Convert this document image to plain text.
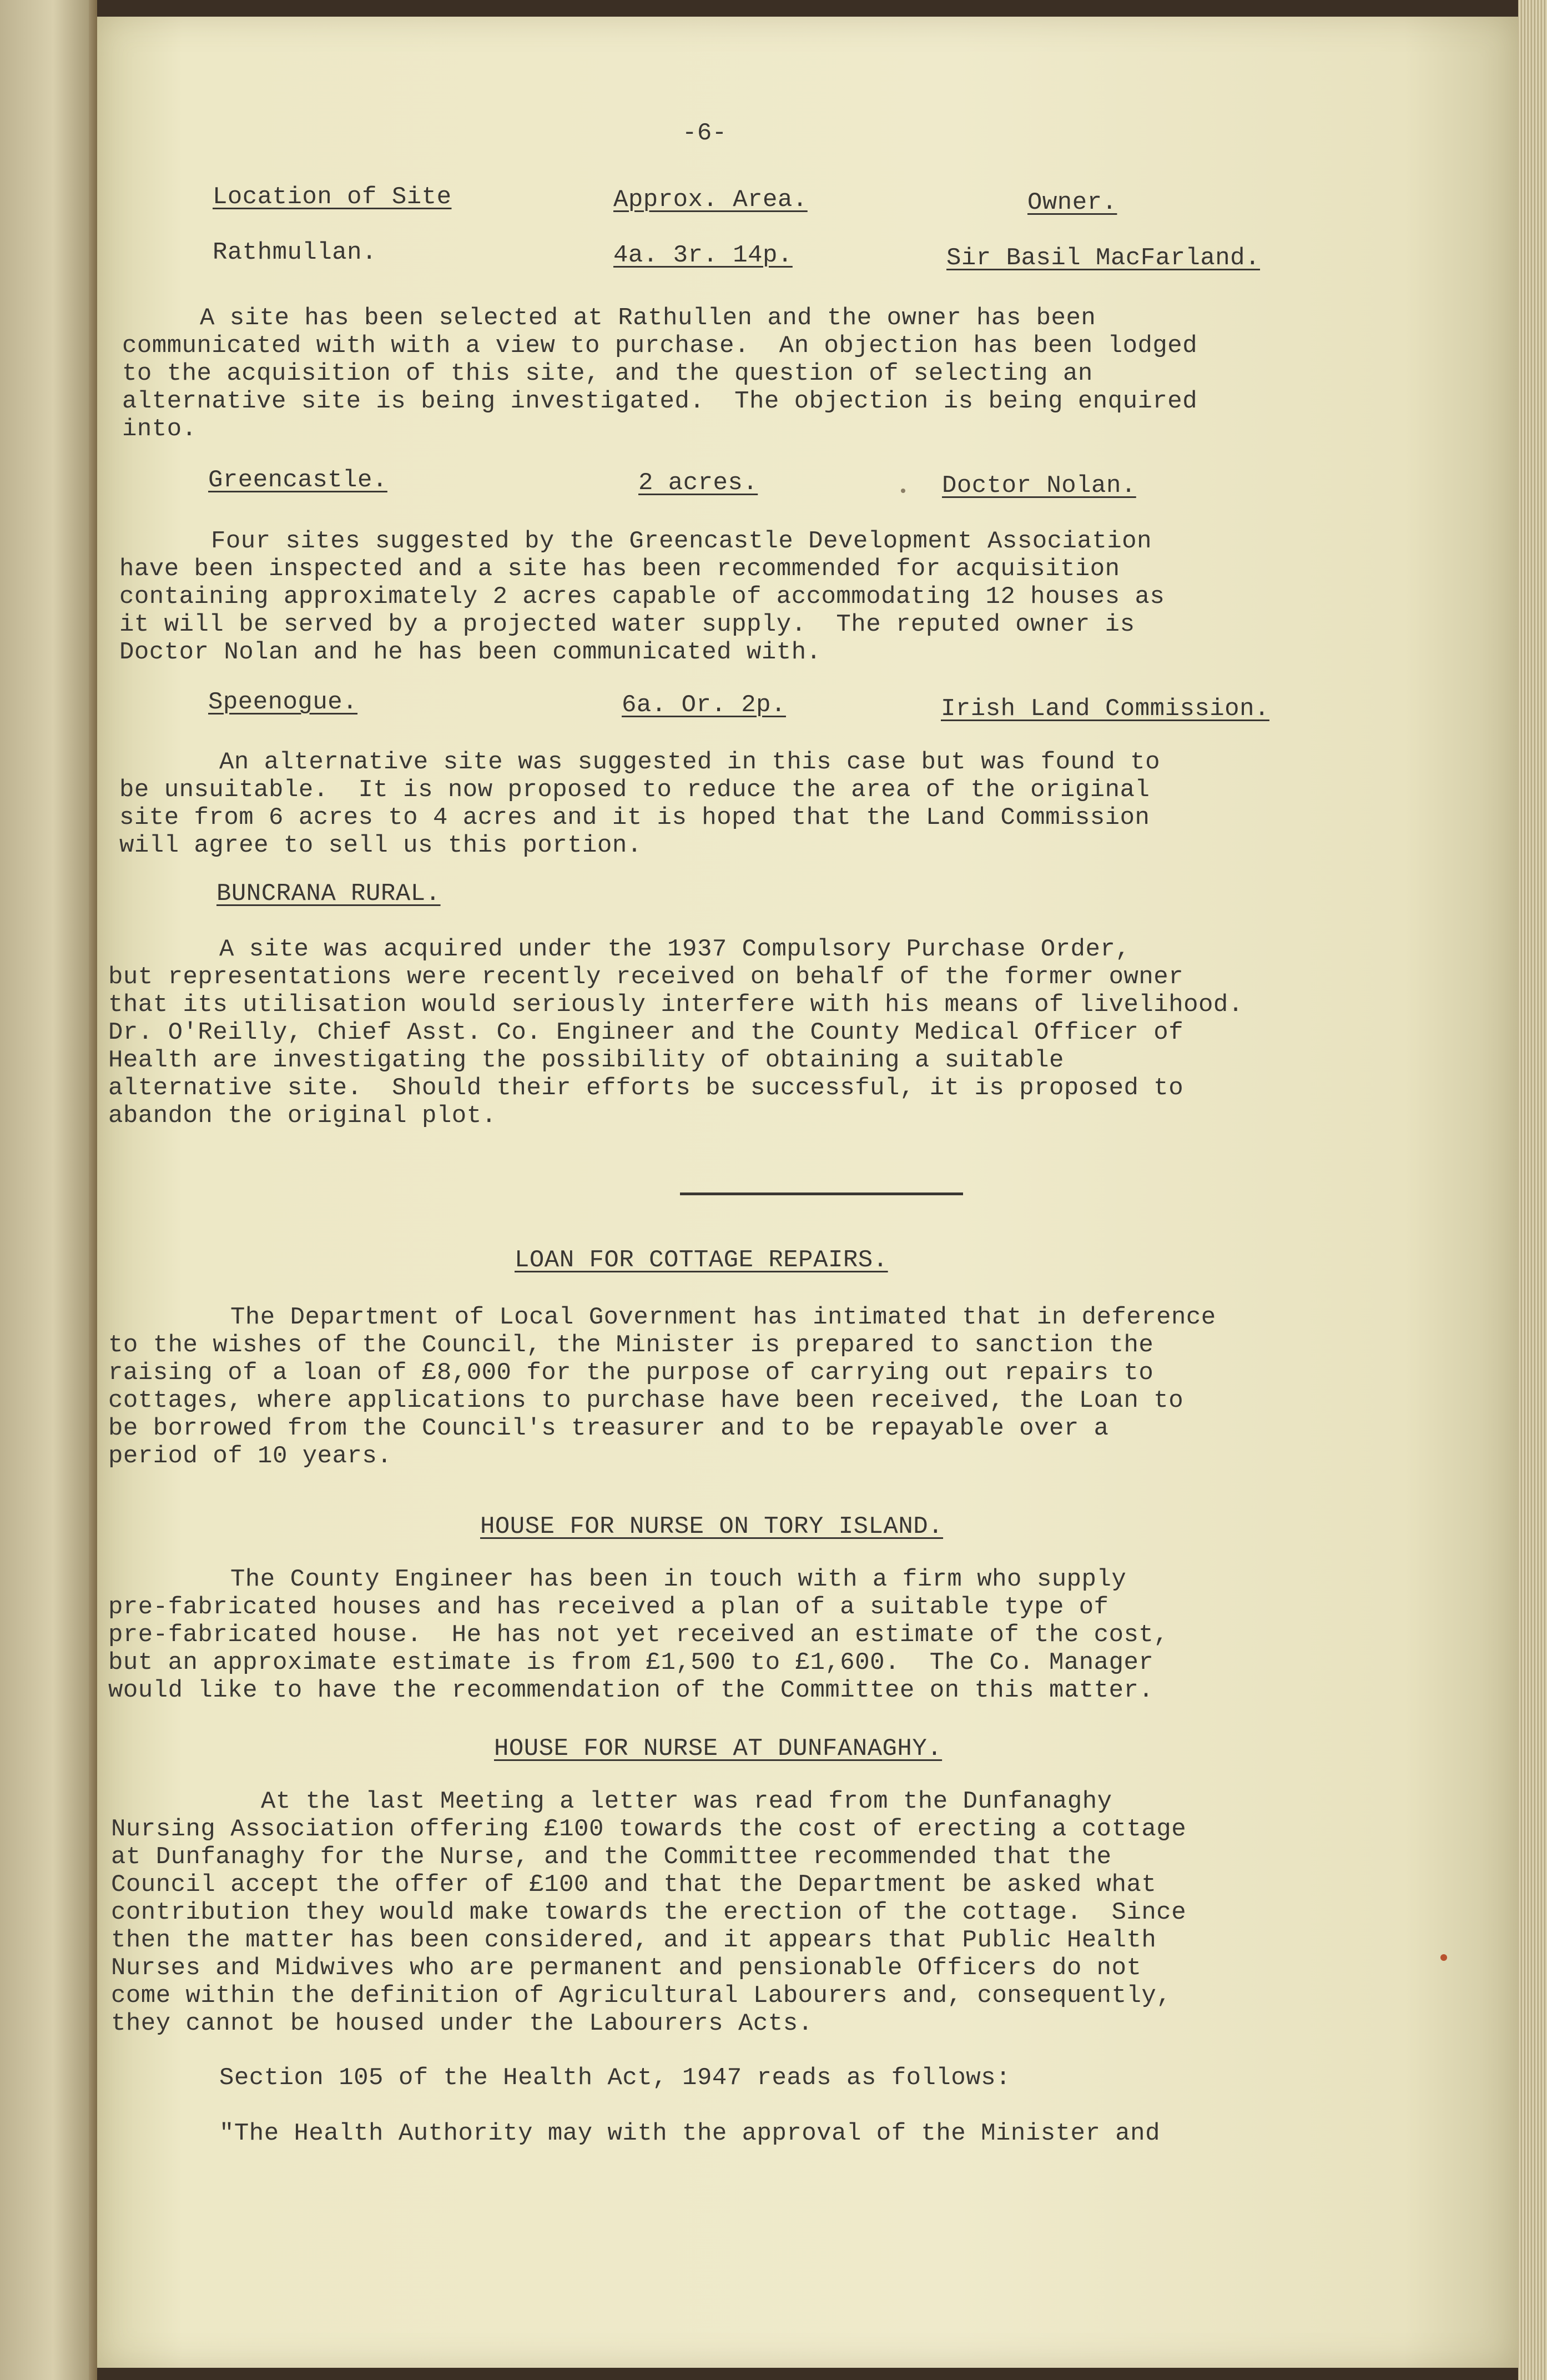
-6-
Location of Site	Approx. Area.	Owner.
Rathmullan.	4a. 3r. 14p.	Sir Basil MacFarland.
A site has been selected at Rathullen and the owner has been
communicated with with a view to purchase.  An objection has been lodged
to the acquisition of this site, and the question of selecting an
alternative site is being investigated.  The objection is being enquired
into.
Greencastle.	2 acres.	Doctor Nolan.
Four sites suggested by the Greencastle Development Association
have been inspected and a site has been recommended for acquisition
containing approximately 2 acres capable of accommodating 12 houses as
it will be served by a projected water supply.  The reputed owner is
Doctor Nolan and he has been communicated with.
Speenogue.	6a. Or. 2p.	Irish Land Commission.
An alternative site was suggested in this case but was found to
be unsuitable.  It is now proposed to reduce the area of the original
site from 6 acres to 4 acres and it is hoped that the Land Commission
will agree to sell us this portion.
BUNCRANA RURAL.
A site was acquired under the 1937 Compulsory Purchase Order,
but representations were recently received on behalf of the former owner
that its utilisation would seriously interfere with his means of livelihood.
Dr. O'Reilly, Chief Asst. Co. Engineer and the County Medical Officer of
Health are investigating the possibility of obtaining a suitable
alternative site.  Should their efforts be successful, it is proposed to
abandon the original plot.
LOAN FOR COTTAGE REPAIRS.
The Department of Local Government has intimated that in deference
to the wishes of the Council, the Minister is prepared to sanction the
raising of a loan of £8,000 for the purpose of carrying out repairs to
cottages, where applications to purchase have been received, the Loan to
be borrowed from the Council's treasurer and to be repayable over a
period of 10 years.
HOUSE FOR NURSE ON TORY ISLAND.
The County Engineer has been in touch with a firm who supply
pre-fabricated houses and has received a plan of a suitable type of
pre-fabricated house.  He has not yet received an estimate of the cost,
but an approximate estimate is from £1,500 to £1,600.  The Co. Manager
would like to have the recommendation of the Committee on this matter.
HOUSE FOR NURSE AT DUNFANAGHY.
At the last Meeting a letter was read from the Dunfanaghy
Nursing Association offering £100 towards the cost of erecting a cottage
at Dunfanaghy for the Nurse, and the Committee recommended that the
Council accept the offer of £100 and that the Department be asked what
contribution they would make towards the erection of the cottage.  Since
then the matter has been considered, and it appears that Public Health
Nurses and Midwives who are permanent and pensionable Officers do not
come within the definition of Agricultural Labourers and, consequently,
they cannot be housed under the Labourers Acts.
Section 105 of the Health Act, 1947 reads as follows:
"The Health Authority may with the approval of the Minister and
